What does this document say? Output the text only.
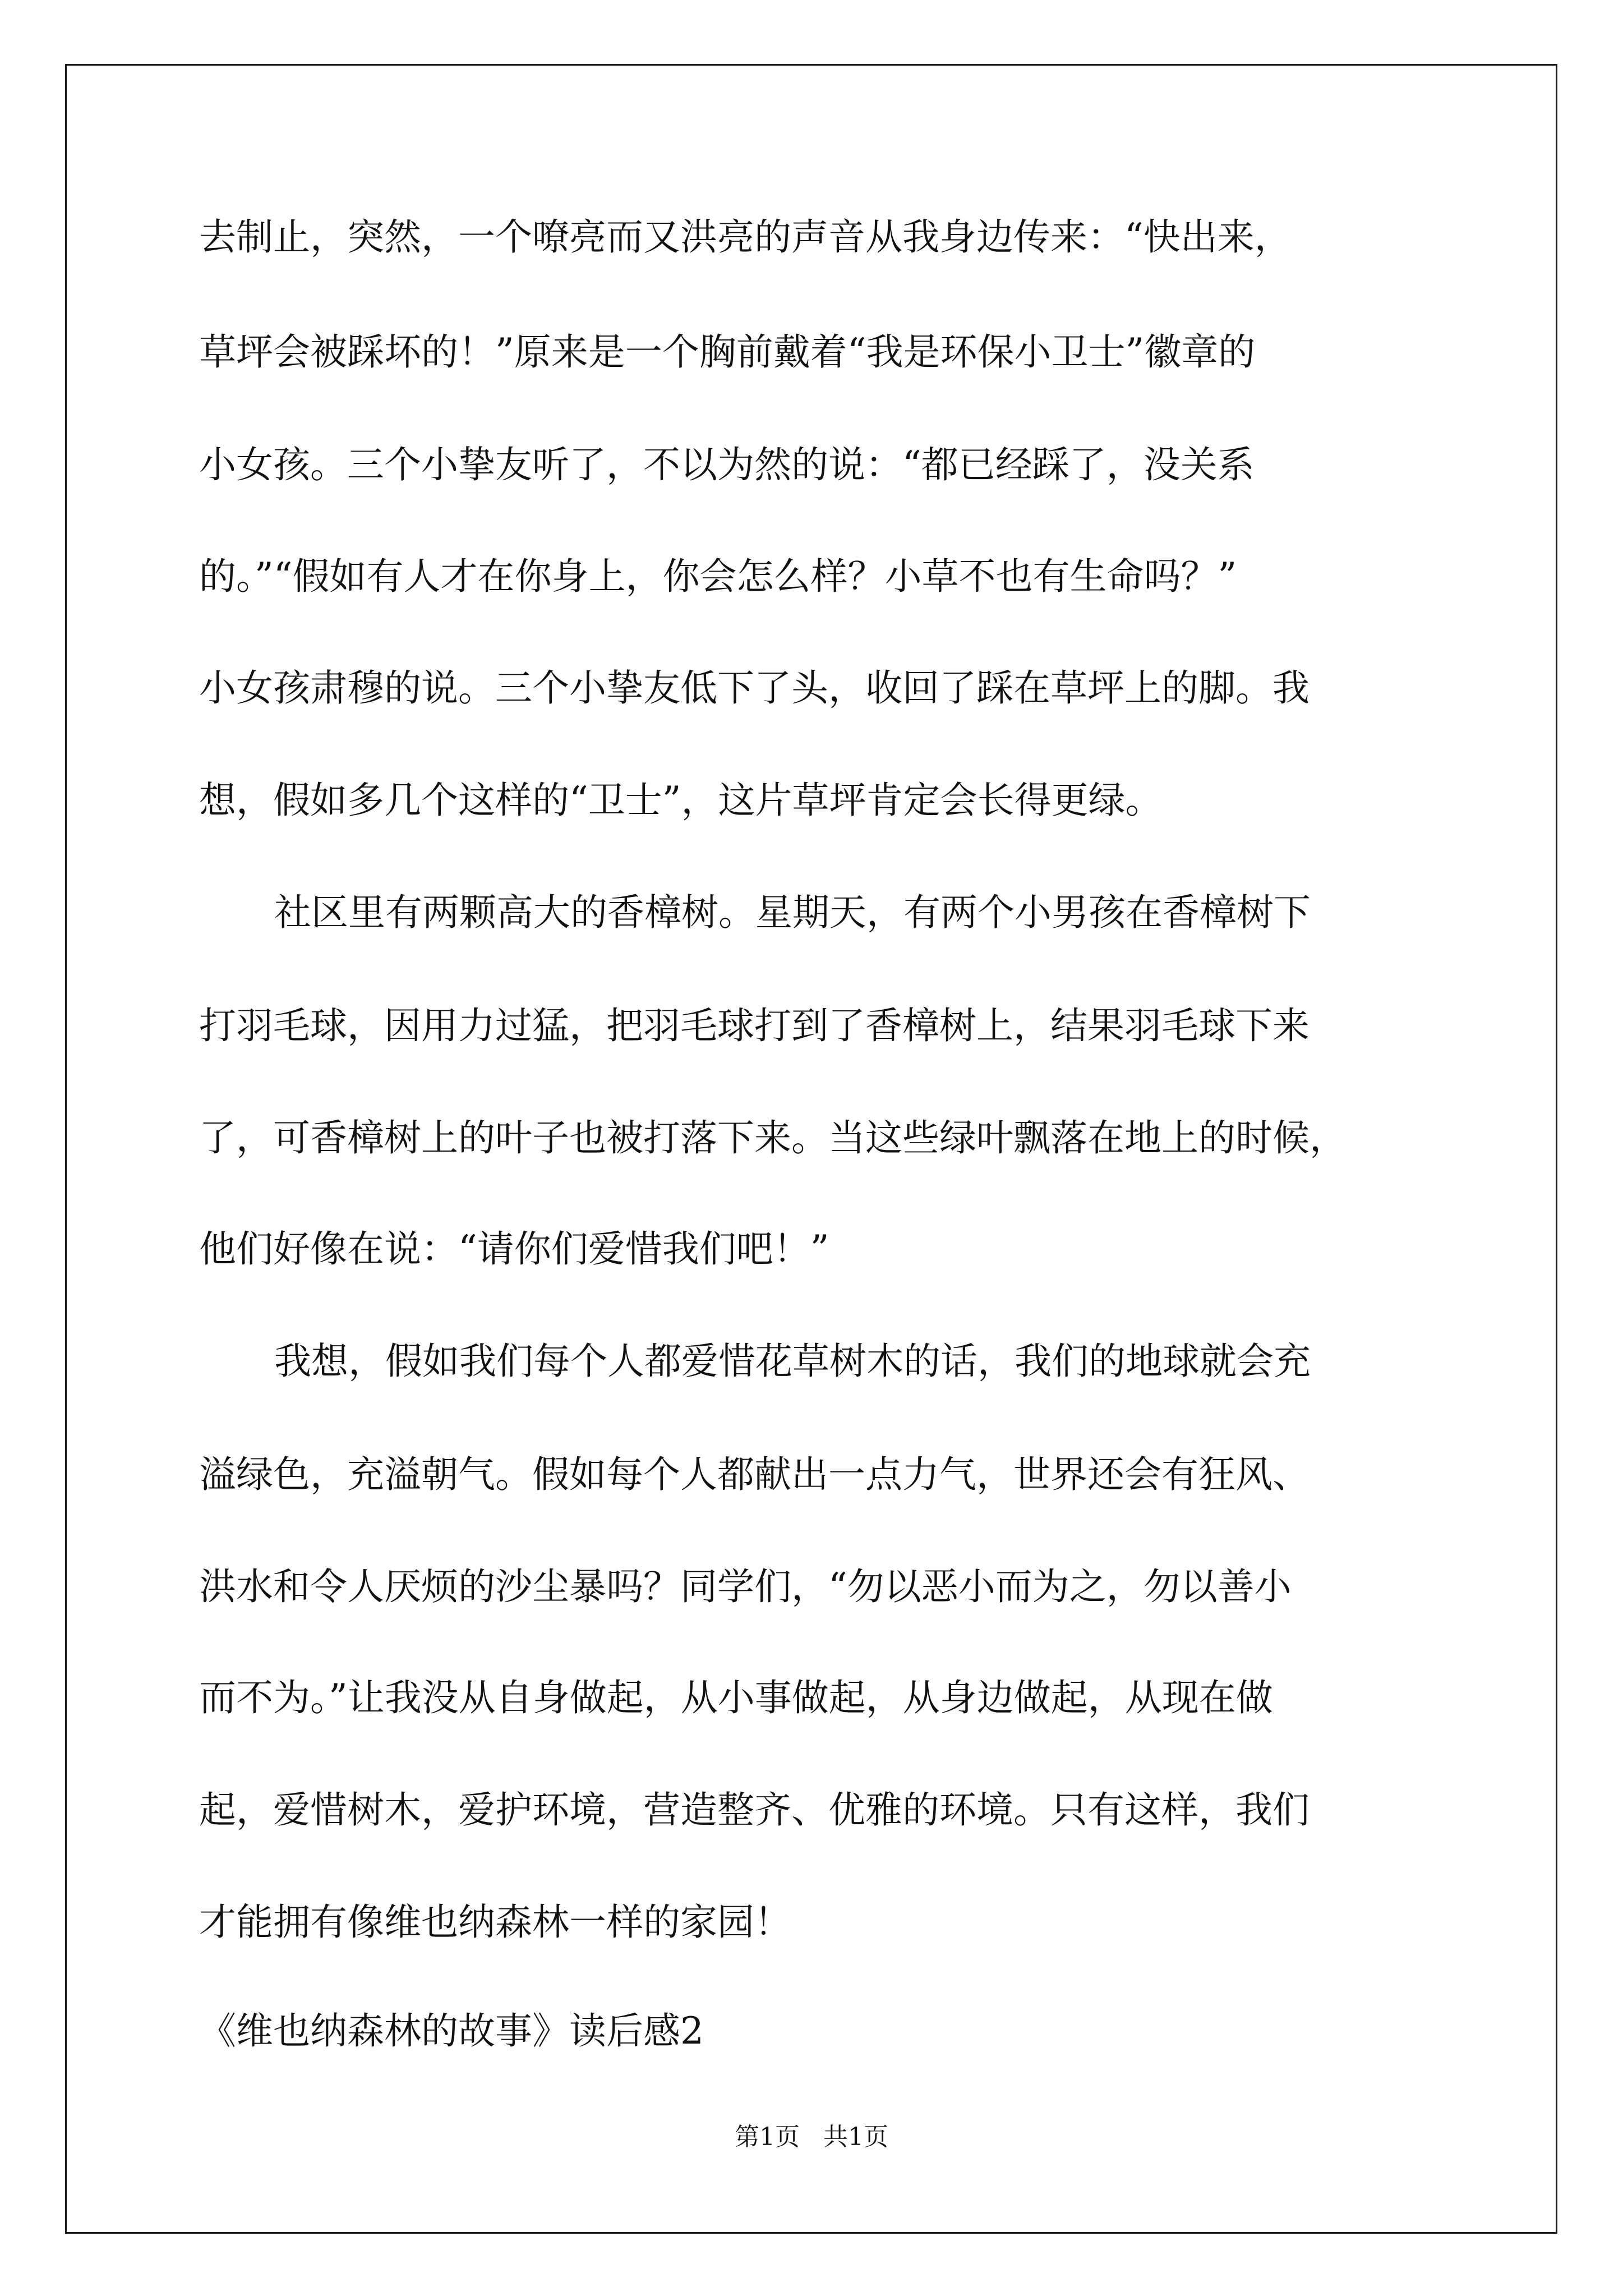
去制止，突然，一个嘹亮而又洪亮的声音从我身边传来：“快出来，
草坪会被踩坏的！”原来是一个胸前戴着“我是环保小卫士”徽章的
小女孩。三个小挚友听了，不以为然的说：“都已经踩了，没关系
的。”“假如有人才在你身上，你会怎么样？小草不也有生命吗？”
小女孩肃穆的说。三个小挚友低下了头，收回了踩在草坪上的脚。我
想，假如多几个这样的“卫士”，这片草坪肯定会长得更绿。
社区里有两颗高大的香樟树。星期天，有两个小男孩在香樟树下
打羽毛球，因用力过猛，把羽毛球打到了香樟树上，结果羽毛球下来
了，可香樟树上的叶子也被打落下来。当这些绿叶飘落在地上的时候，
他们好像在说：“请你们爱惜我们吧！”
我想，假如我们每个人都爱惜花草树木的话，我们的地球就会充
溢绿色，充溢朝气。假如每个人都献出一点力气，世界还会有狂风、
洪水和令人厌烦的沙尘暴吗？同学们，“勿以恶小而为之，勿以善小
而不为。”让我没从自身做起，从小事做起，从身边做起，从现在做
起，爱惜树木，爱护环境，营造整齐、优雅的环境。只有这样，我们
才能拥有像维也纳森林一样的家园！
《维也纳森林的故事》读后感2
第1页   共1页
